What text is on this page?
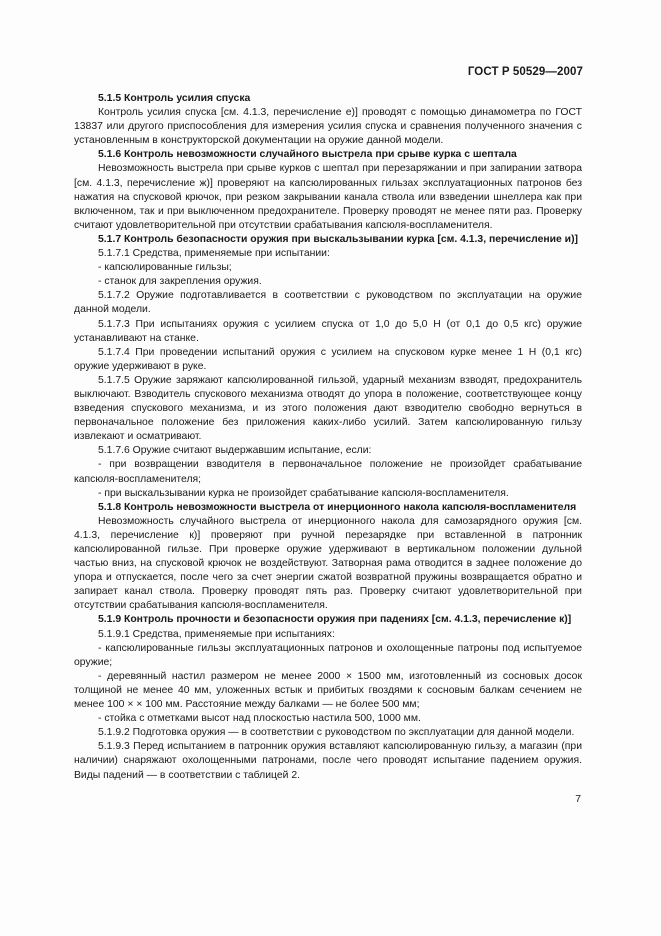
ГОСТ Р 50529—2007
5.1.5 Контроль усилия спуска
Контроль усилия спуска [см. 4.1.3, перечисление е)] проводят с помощью динамометра по ГОСТ 13837 или другого приспособления для измерения усилия спуска и сравнения полученного значения с установленным в конструкторской документации на оружие данной модели.
5.1.6 Контроль невозможности случайного выстрела при срыве курка с шептала
Невозможность выстрела при срыве курков с шептал при перезаряжании и при запирании затвора [см. 4.1.3, перечисление ж)] проверяют на капсюлированных гильзах эксплуатационных патронов без нажатия на спусковой крючок, при резком закрывании канала ствола или взведении шнеллера как при включенном, так и при выключенном предохранителе. Проверку проводят не менее пяти раз. Проверку считают удовлетворительной при отсутствии срабатывания капсюля-воспламенителя.
5.1.7 Контроль безопасности оружия при выскальзывании курка [см. 4.1.3, перечисление и)]
5.1.7.1 Средства, применяемые при испытании:
- капсюлированные гильзы;
- станок для закрепления оружия.
5.1.7.2 Оружие подготавливается в соответствии с руководством по эксплуатации на оружие данной модели.
5.1.7.3 При испытаниях оружия с усилием спуска от 1,0 до 5,0 Н (от 0,1 до 0,5 кгс) оружие устанавливают на станке.
5.1.7.4 При проведении испытаний оружия с усилием на спусковом курке менее 1 Н (0,1 кгс) оружие удерживают в руке.
5.1.7.5 Оружие заряжают капсюлированной гильзой, ударный механизм взводят, предохранитель выключают. Взводитель спускового механизма отводят до упора в положение, соответствующее концу взведения спускового механизма, и из этого положения дают взводителю свободно вернуться в первоначальное положение без приложения каких-либо усилий. Затем капсюлированную гильзу извлекают и осматривают.
5.1.7.6 Оружие считают выдержавшим испытание, если:
- при возвращении взводителя в первоначальное положение не произойдет срабатывание капсюля-воспламенителя;
- при выскальзывании курка не произойдет срабатывание капсюля-воспламенителя.
5.1.8 Контроль невозможности выстрела от инерционного накола капсюля-воспламенителя
Невозможность случайного выстрела от инерционного накола для самозарядного оружия [см. 4.1.3, перечисление к)] проверяют при ручной перезарядке при вставленной в патронник капсюлированной гильзе. При проверке оружие удерживают в вертикальном положении дульной частью вниз, на спусковой крючок не воздействуют. Затворная рама отводится в заднее положение до упора и отпускается, после чего за счет энергии сжатой возвратной пружины возвращается обратно и запирает канал ствола. Проверку проводят пять раз. Проверку считают удовлетворительной при отсутствии срабатывания капсюля-воспламенителя.
5.1.9 Контроль прочности и безопасности оружия при падениях [см. 4.1.3, перечисление к)]
5.1.9.1 Средства, применяемые при испытаниях:
- капсюлированные гильзы эксплуатационных патронов и охолощенные патроны под испытуемое оружие;
- деревянный настил размером не менее 2000 × 1500 мм, изготовленный из сосновых досок толщиной не менее 40 мм, уложенных встык и прибитых гвоздями к сосновым балкам сечением не менее 100 × × 100 мм. Расстояние между балками — не более 500 мм;
- стойка с отметками высот над плоскостью настила 500, 1000 мм.
5.1.9.2 Подготовка оружия — в соответствии с руководством по эксплуатации для данной модели.
5.1.9.3 Перед испытанием в патронник оружия вставляют капсюлированную гильзу, а магазин (при наличии) снаряжают охолощенными патронами, после чего проводят испытание падением оружия. Виды падений — в соответствии с таблицей 2.
7
